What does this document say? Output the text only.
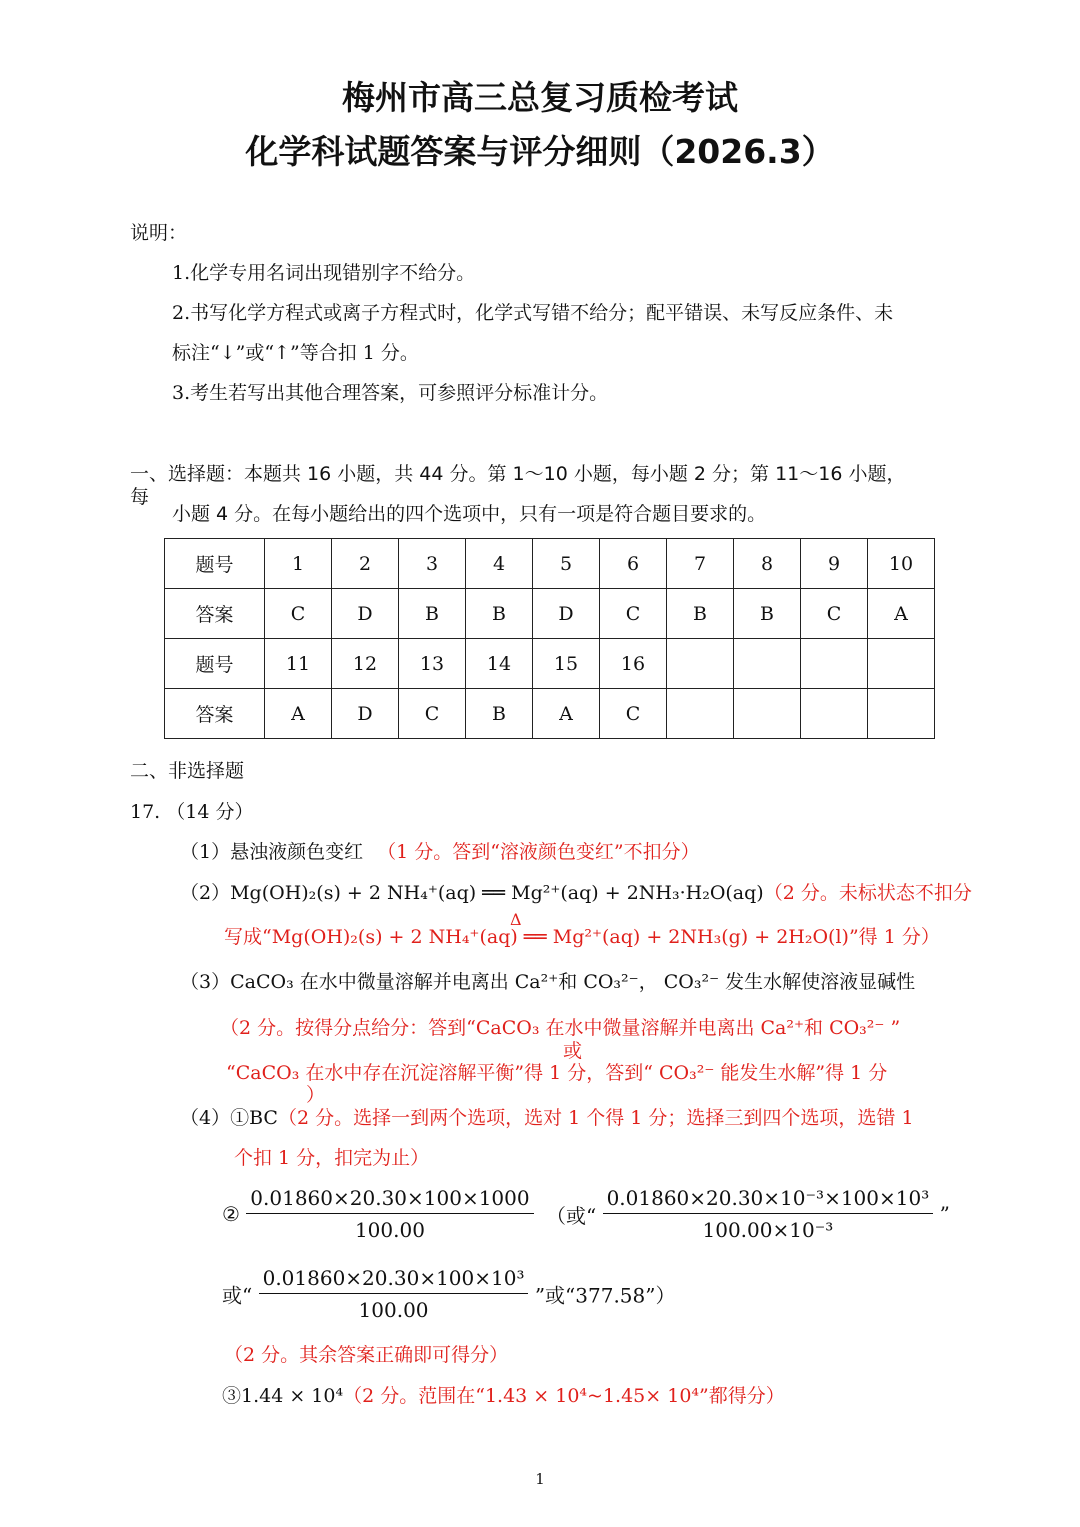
梅州市高三总复习质检考试
化学科试题答案与评分细则（2026.3）
说明：
1.化学专用名词出现错别字不给分。
2.书写化学方程式或离子方程式时，化学式写错不给分；配平错误、未写反应条件、未
标注“↓”或“↑”等合扣 1 分。
3.考生若写出其他合理答案，可参照评分标准计分。
一、选择题：本题共 16 小题，共 44 分。第 1～10 小题，每小题 2 分；第 11～16 小题，
每
小题 4 分。在每小题给出的四个选项中，只有一项是符合题目要求的。
题号	1	2	3	4	5	6	7	8	9	10
答案	C	D	B	B	D	C	B	B	C	A
题号	11	12	13	14	15	16				
答案	A	D	C	B	A	C				
二、非选择题
17. （14 分）
（1）悬浊液颜色变红 （1 分。答到“溶液颜色变红”不扣分）
（2）Mg(OH)₂(s) + 2 NH₄⁺(aq) ══ Mg²⁺(aq) + 2NH₃·H₂O(aq)（2 分。未标状态不扣分
Δ
写成“Mg(OH)₂(s) + 2 NH₄⁺(aq) ══ Mg²⁺(aq) + 2NH₃(g) + 2H₂O(l)”得 1 分）
（3）CaCO₃ 在水中微量溶解并电离出 Ca²⁺和 CO₃²⁻， CO₃²⁻ 发生水解使溶液显碱性
（2 分。按得分点给分：答到“CaCO₃ 在水中微量溶解并电离出 Ca²⁺和 CO₃²⁻ ”
或
“CaCO₃ 在水中存在沉淀溶解平衡”得 1 分，答到“ CO₃²⁻ 能发生水解”得 1 分
）
（4）①BC（2 分。选择一到两个选项，选对 1 个得 1 分；选择三到四个选项，选错 1
个扣 1 分，扣完为止）
② $\frac{0.01860\times 20.30\times 100\times 1000}{100.00}$ （或“ $\frac{\text{0.01860×20.30×10⁻³×100×10³}}{\text{100.00×10⁻³}}$ ”
或“ $\frac{\text{0.01860×20.30×100×10³}}{100.00}$ ”或“377.58”）
（2 分。其余答案正确即可得分）
③1.44 × 10⁴（2 分。范围在“1.43 × 10⁴~1.45× 10⁴”都得分）
1
